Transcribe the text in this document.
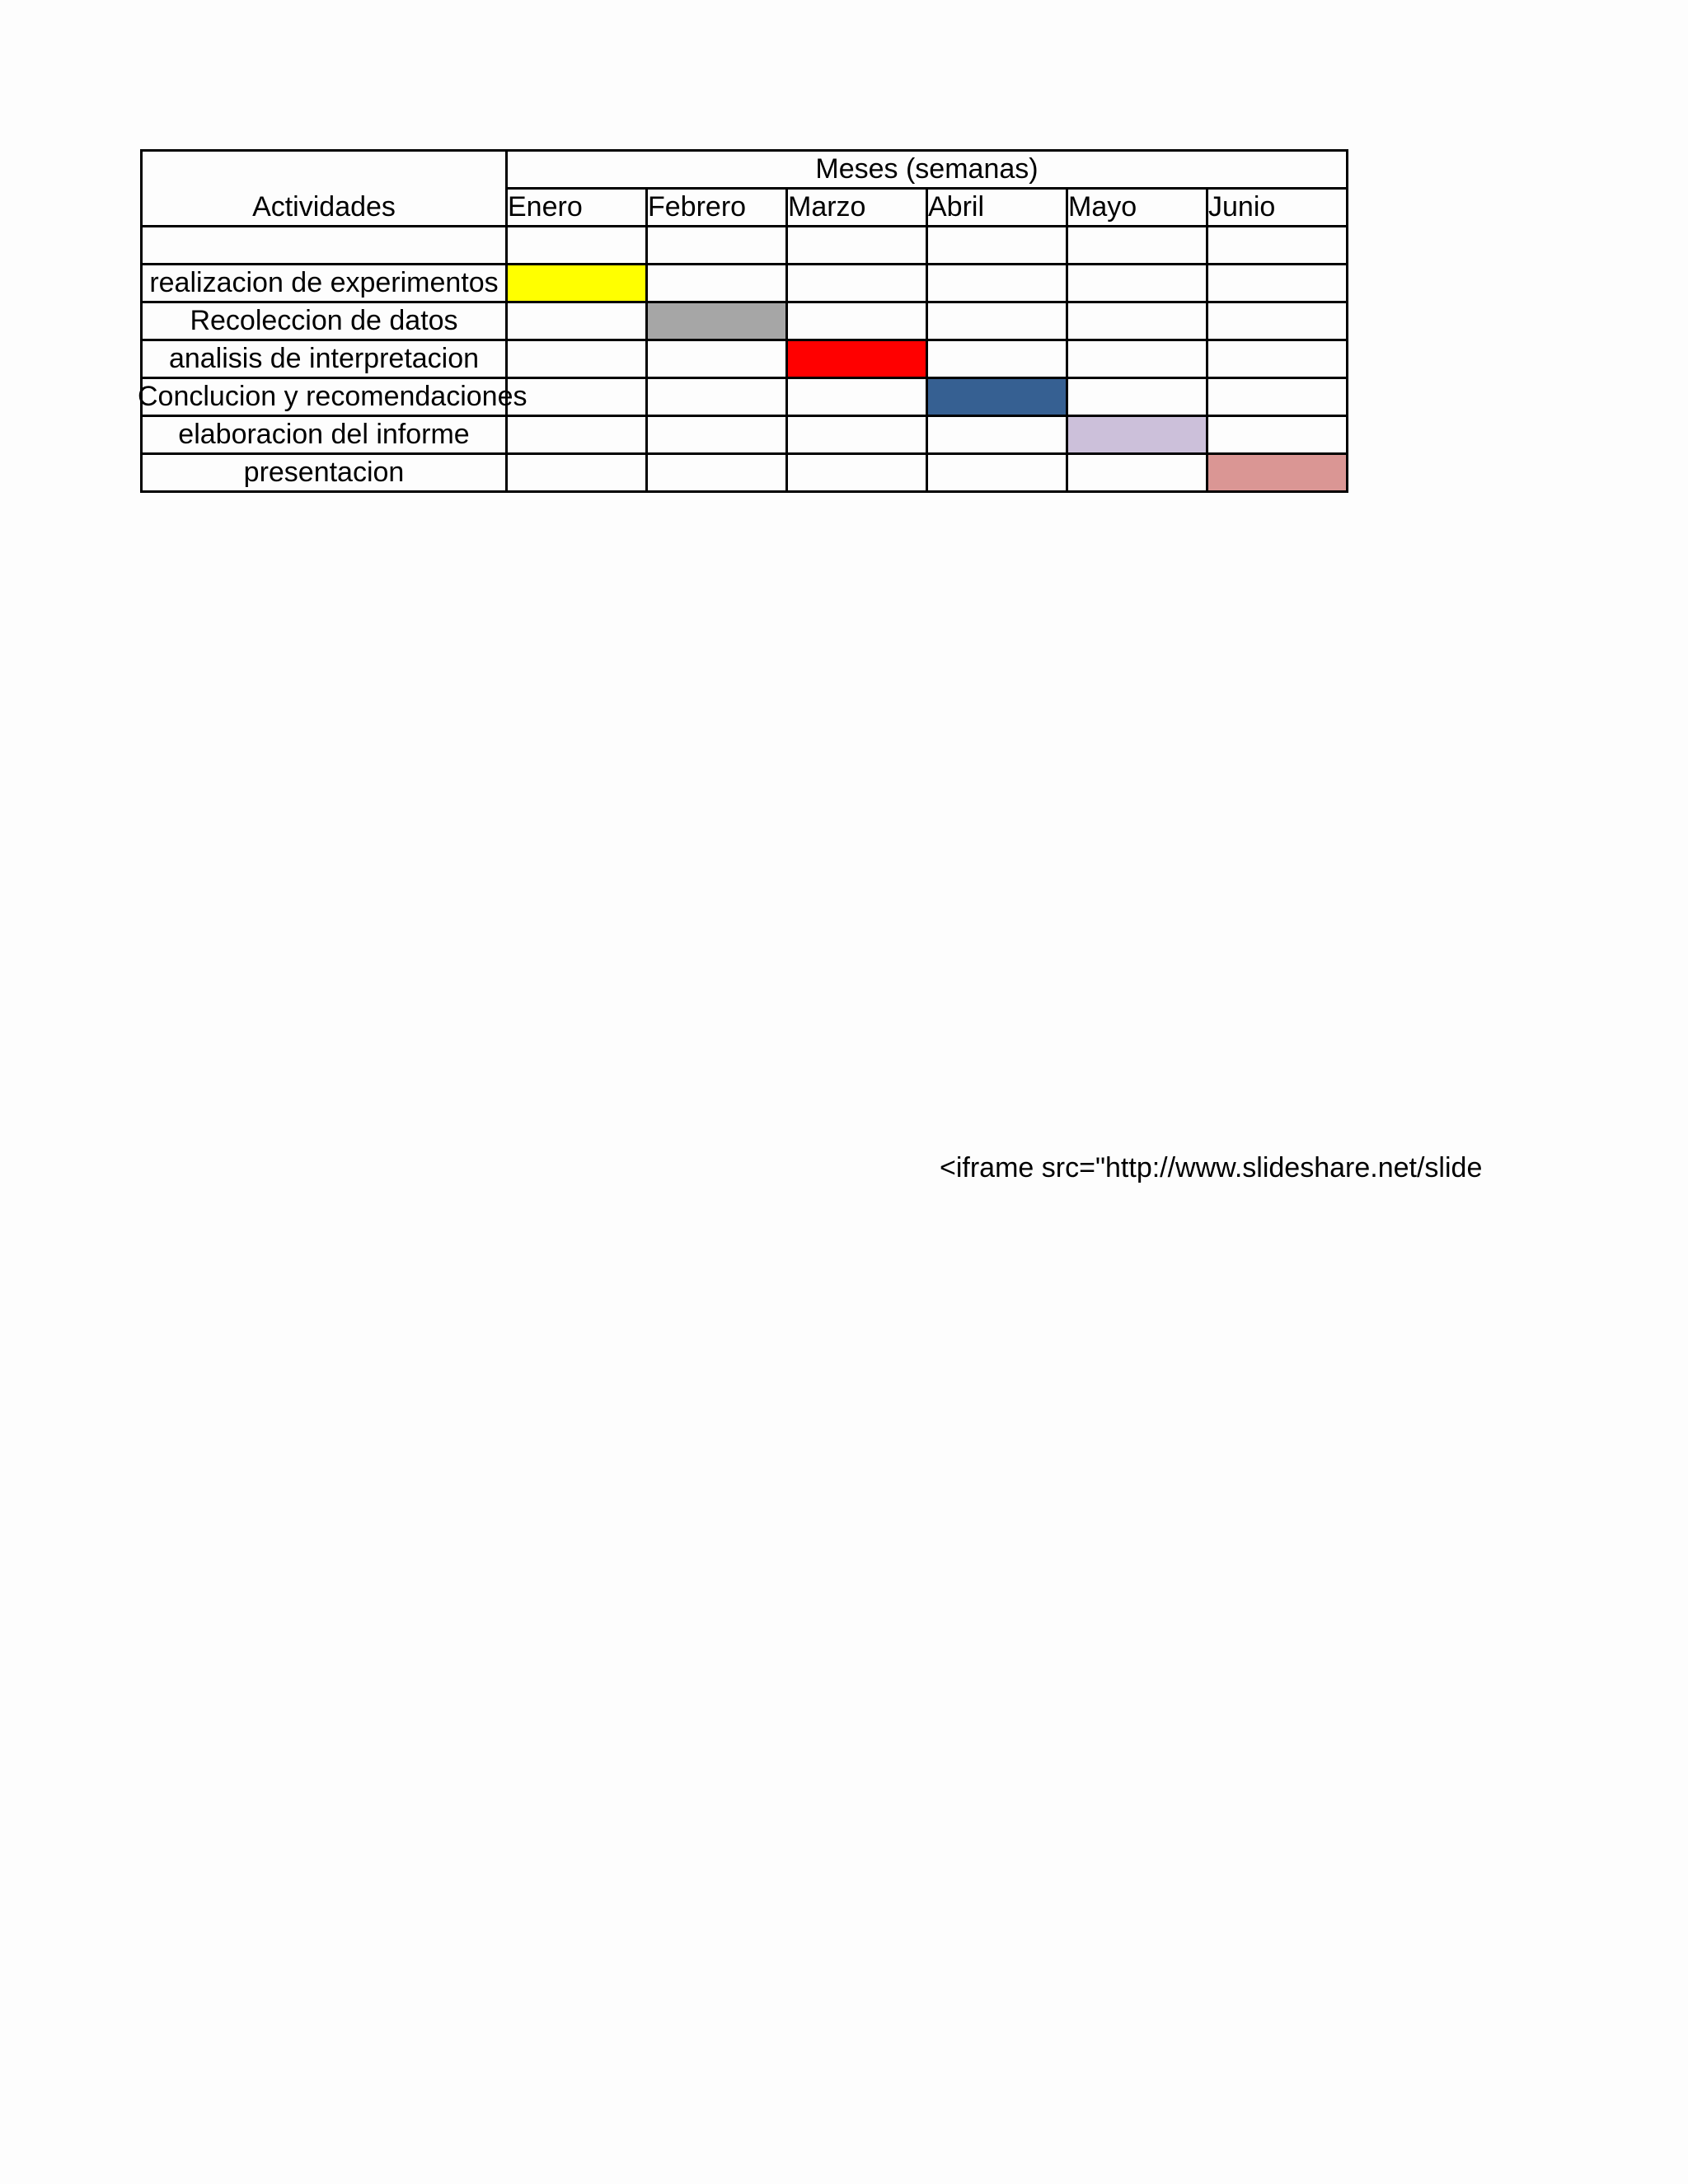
Actividades	Meses (semanas)					
	Enero	Febrero	Marzo	Abril	Mayo	Junio

realizacion de experimentos						
Recoleccion de datos						
analisis de interpretacion						

Conclucion y recomendaciones						

elaboracion del informe						
presentacion						
<iframe src="http://www.slideshare.net/slide
